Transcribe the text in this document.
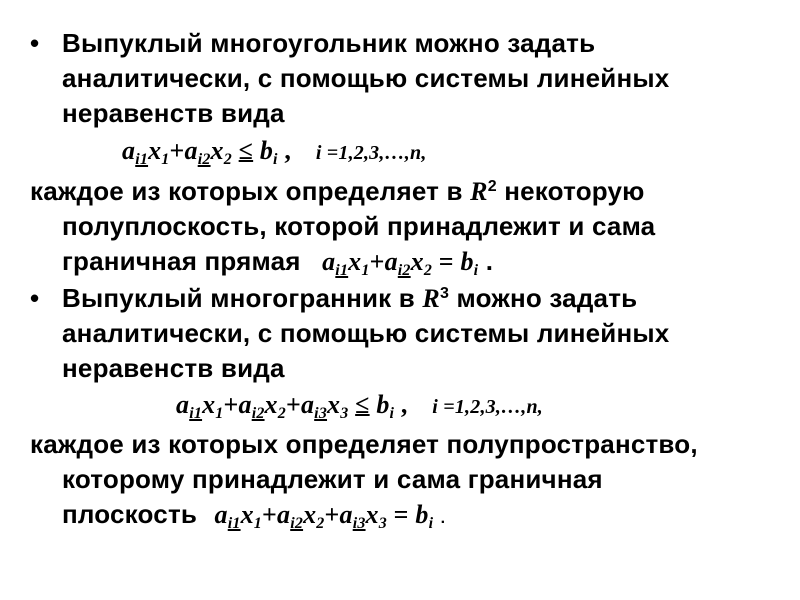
• Выпуклый многоугольник можно задать
аналитически, с помощью системы линейных
неравенств вида
$a_{i1}x_1+a_{i2}x_2 \le b_i$ , i =1,2,3,…,n,
каждое из которых определяет в $R^2$ некоторую
полуплоскость, которой принадлежит и сама
граничная прямая $a_{i1}x_1+a_{i2}x_2 = b_i$ .
• Выпуклый многогранник в $R^3$ можно задать
аналитически, с помощью системы линейных
неравенств вида
$a_{i1}x_1+a_{i2}x_2+a_{i3}x_3 \le b_i$ , i =1,2,3,…,n,
каждое из которых определяет полупространство,
которому принадлежит и сама граничная
плоскость $a_{i1}x_1+a_{i2}x_2+a_{i3}x_3 = b_i$ .
